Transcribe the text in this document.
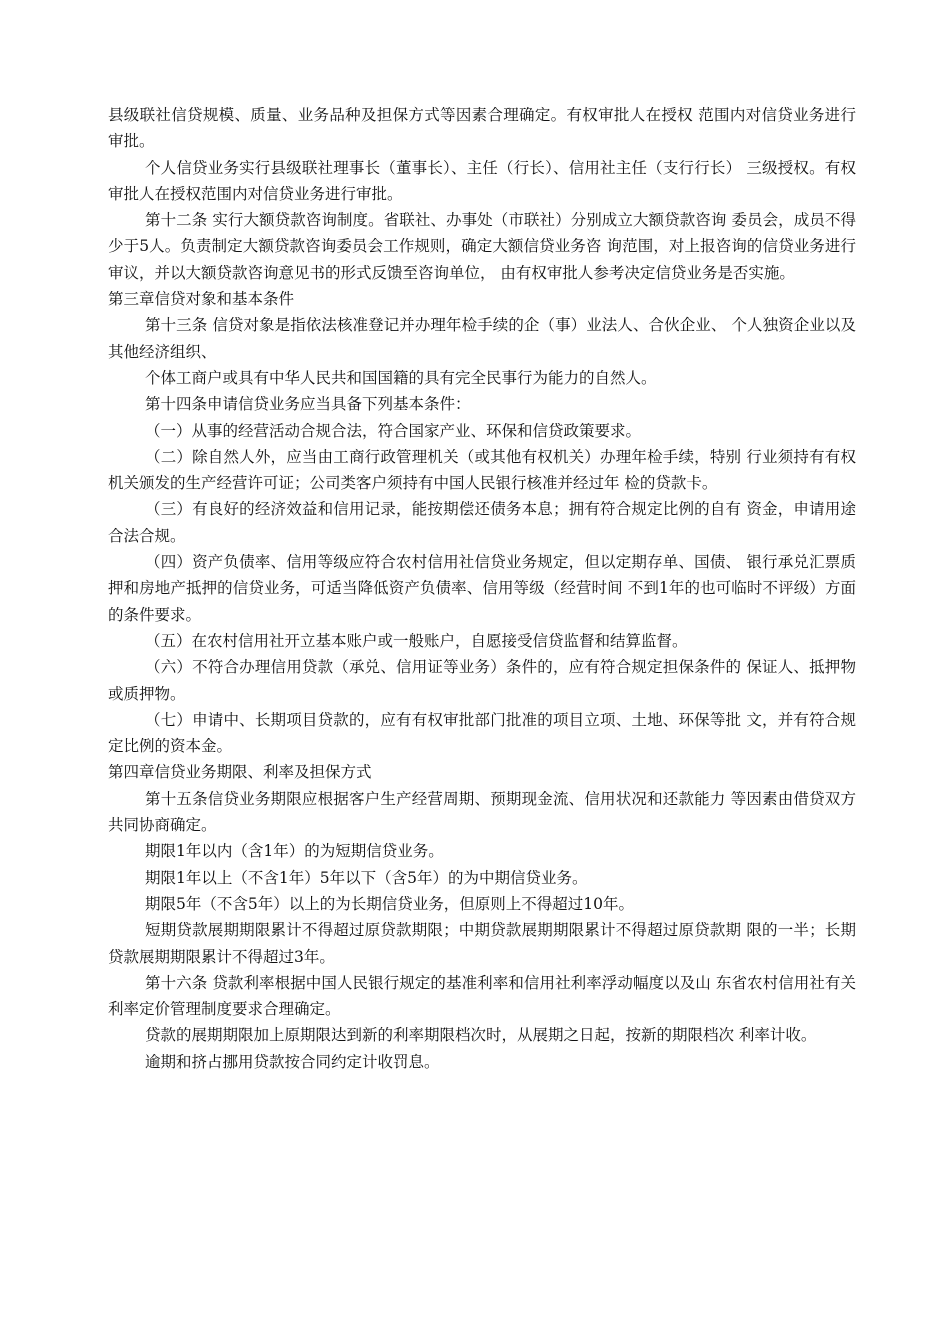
县级联社信贷规模、质量、业务品种及担保方式等因素合理确定。有权审批人在授权 范围内对信贷业务进行审批。

个人信贷业务实行县级联社理事长（董事长）、主任（行长）、信用社主任（支行行长） 三级授权。有权审批人在授权范围内对信贷业务进行审批。

第十二条 实行大额贷款咨询制度。省联社、办事处（市联社）分别成立大额贷款咨询 委员会，成员不得少于5人。负责制定大额贷款咨询委员会工作规则，确定大额信贷业务咨 询范围，对上报咨询的信贷业务进行审议，并以大额贷款咨询意见书的形式反馈至咨询单位， 由有权审批人参考决定信贷业务是否实施。

第三章信贷对象和基本条件

第十三条 信贷对象是指依法核准登记并办理年检手续的企（事）业法人、合伙企业、 个人独资企业以及其他经济组织、

个体工商户或具有中华人民共和国国籍的具有完全民事行为能力的自然人。

第十四条申请信贷业务应当具备下列基本条件：

（一）从事的经营活动合规合法，符合国家产业、环保和信贷政策要求。

（二）除自然人外，应当由工商行政管理机关（或其他有权机关）办理年检手续，特别 行业须持有有权机关颁发的生产经营许可证；公司类客户须持有中国人民银行核准并经过年 检的贷款卡。

（三）有良好的经济效益和信用记录，能按期偿还债务本息；拥有符合规定比例的自有 资金，申请用途合法合规。

（四）资产负债率、信用等级应符合农村信用社信贷业务规定，但以定期存单、国债、 银行承兑汇票质押和房地产抵押的信贷业务，可适当降低资产负债率、信用等级（经营时间 不到1年的也可临时不评级）方面的条件要求。

（五）在农村信用社开立基本账户或一般账户，自愿接受信贷监督和结算监督。

（六）不符合办理信用贷款（承兑、信用证等业务）条件的，应有符合规定担保条件的 保证人、抵押物或质押物。

（七）申请中、长期项目贷款的，应有有权审批部门批准的项目立项、土地、环保等批 文，并有符合规定比例的资本金。

第四章信贷业务期限、利率及担保方式

第十五条信贷业务期限应根据客户生产经营周期、预期现金流、信用状况和还款能力 等因素由借贷双方共同协商确定。

期限1年以内（含1年）的为短期信贷业务。

期限1年以上（不含1年）5年以下（含5年）的为中期信贷业务。

期限5年（不含5年）以上的为长期信贷业务，但原则上不得超过10年。

短期贷款展期期限累计不得超过原贷款期限；中期贷款展期期限累计不得超过原贷款期 限的一半；长期贷款展期期限累计不得超过3年。

第十六条 贷款利率根据中国人民银行规定的基准利率和信用社利率浮动幅度以及山 东省农村信用社有关利率定价管理制度要求合理确定。

贷款的展期期限加上原期限达到新的利率期限档次时，从展期之日起，按新的期限档次 利率计收。

逾期和挤占挪用贷款按合同约定计收罚息。
